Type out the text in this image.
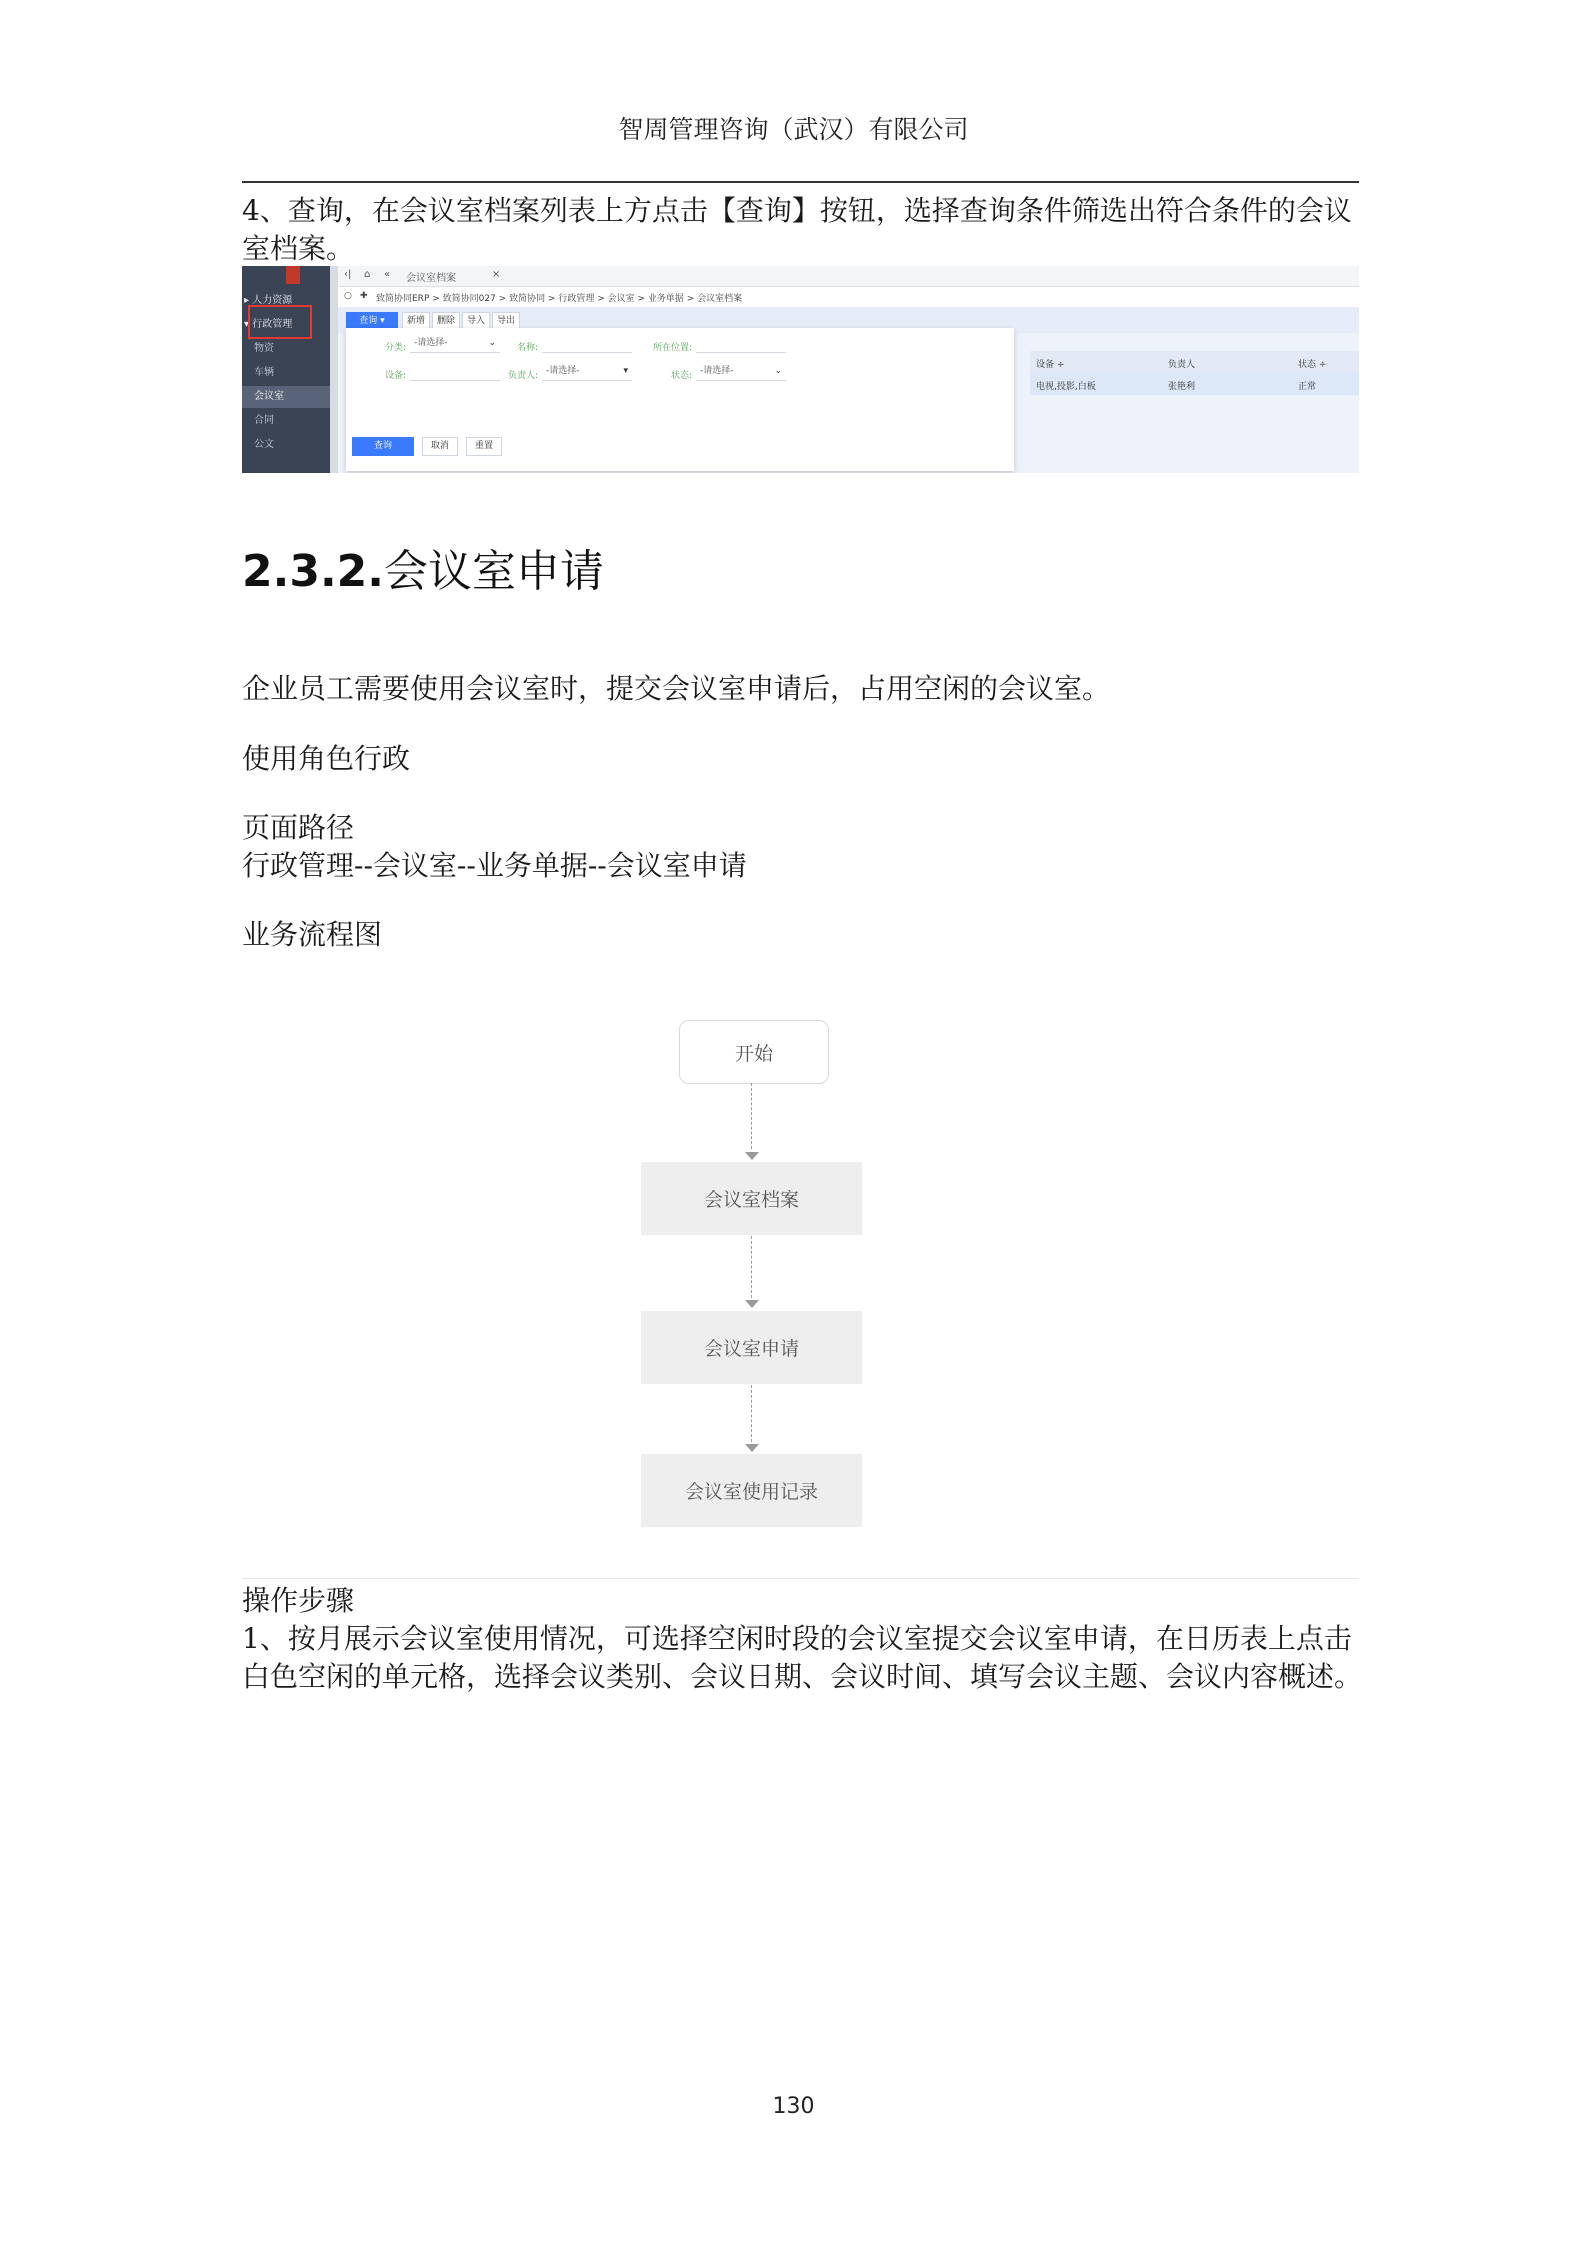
智周管理咨询（武汉）有限公司
4、查询，在会议室档案列表上方点击【查询】按钮，选择查询条件筛选出符合条件的会议
室档案。
▸ 人力资源
▾ 行政管理
物资
车辆
会议室
合同
公文
‹| ⌂ « 会议室档案	×
○ ✚ 致简协同ERP > 致简协同027 > 致简协同 > 行政管理 > 会议室 > 业务单据 > 会议室档案
查询 ▾	新增	删除	导入	导出
分类: -请选择-	⌄	名称:	所在位置:
设备:	负责人: -请选择-	▾	状态: -请选择-	⌄
查询	取消	重置
设备 ÷	负责人	状态 ÷
电视,投影,白板	张艳利	正常
2.3.2.会议室申请
企业员工需要使用会议室时，提交会议室申请后，占用空闲的会议室。
使用角色行政
页面路径
行政管理--会议室--业务单据--会议室申请
业务流程图
开始
会议室档案
会议室申请
会议室使用记录
操作步骤
1、按月展示会议室使用情况，可选择空闲时段的会议室提交会议室申请，在日历表上点击
白色空闲的单元格，选择会议类别、会议日期、会议时间、填写会议主题、会议内容概述。
130
